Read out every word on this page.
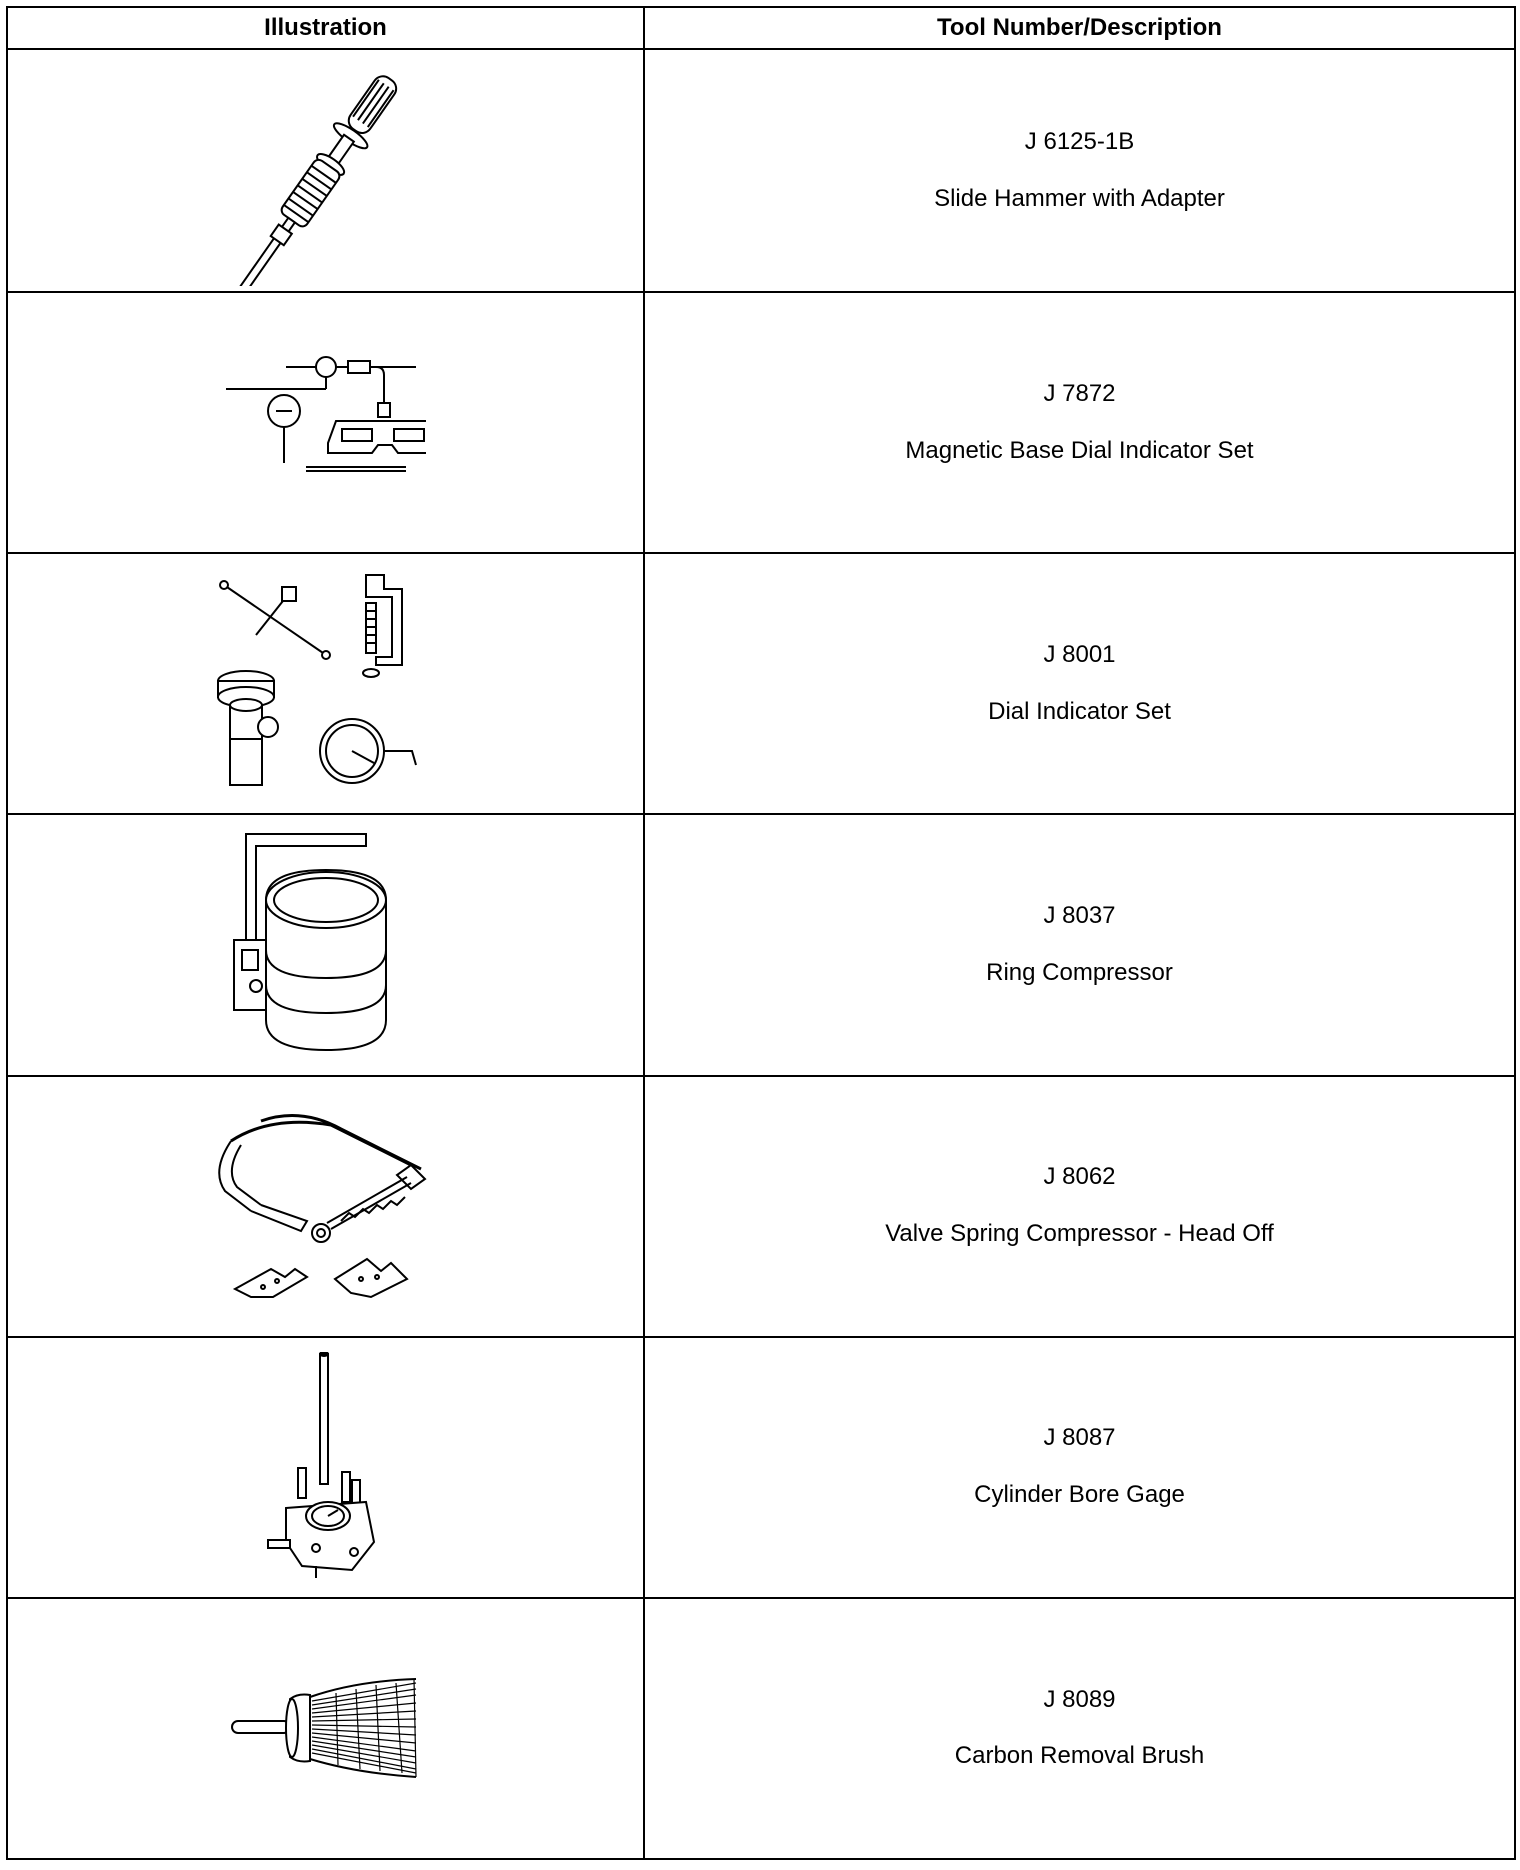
Illustration	Tool Number/Description

J 6125-1B
Slide Hammer with Adapter

J 7872
Magnetic Base Dial Indicator Set

J 8001
Dial Indicator Set

J 8037
Ring Compressor

J 8062
Valve Spring Compressor - Head Off

J 8087
Cylinder Bore Gage

J 8089
Carbon Removal Brush
